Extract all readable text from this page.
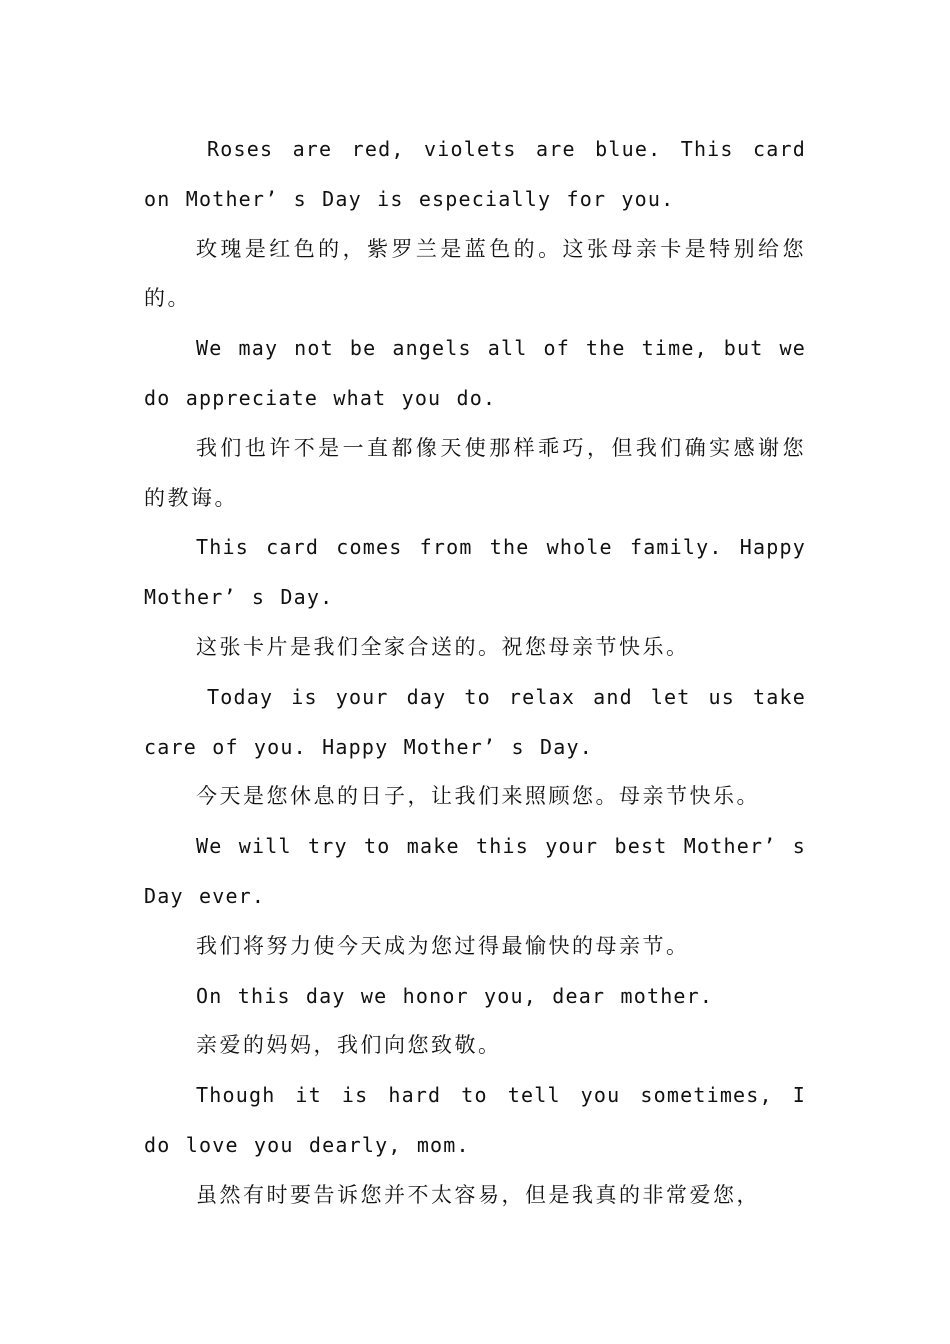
Roses are red, violets are blue. This card on Mother’ s Day is especially for you.

玫瑰是红色的，紫罗兰是蓝色的。这张母亲卡是特别给您的。

We may not be angels all of the time, but we do appreciate what you do.

我们也许不是一直都像天使那样乖巧，但我们确实感谢您的教诲。

This card comes from the whole family. Happy Mother’ s Day.

这张卡片是我们全家合送的。祝您母亲节快乐。

Today is your day to relax and let us take care of you. Happy Mother’ s Day.

今天是您休息的日子，让我们来照顾您。母亲节快乐。

We will try to make this your best Mother’ s Day ever.

我们将努力使今天成为您过得最愉快的母亲节。

On this day we honor you, dear mother.

亲爱的妈妈，我们向您致敬。

Though it is hard to tell you sometimes, I do love you dearly, mom.

虽然有时要告诉您并不太容易，但是我真的非常爱您，
